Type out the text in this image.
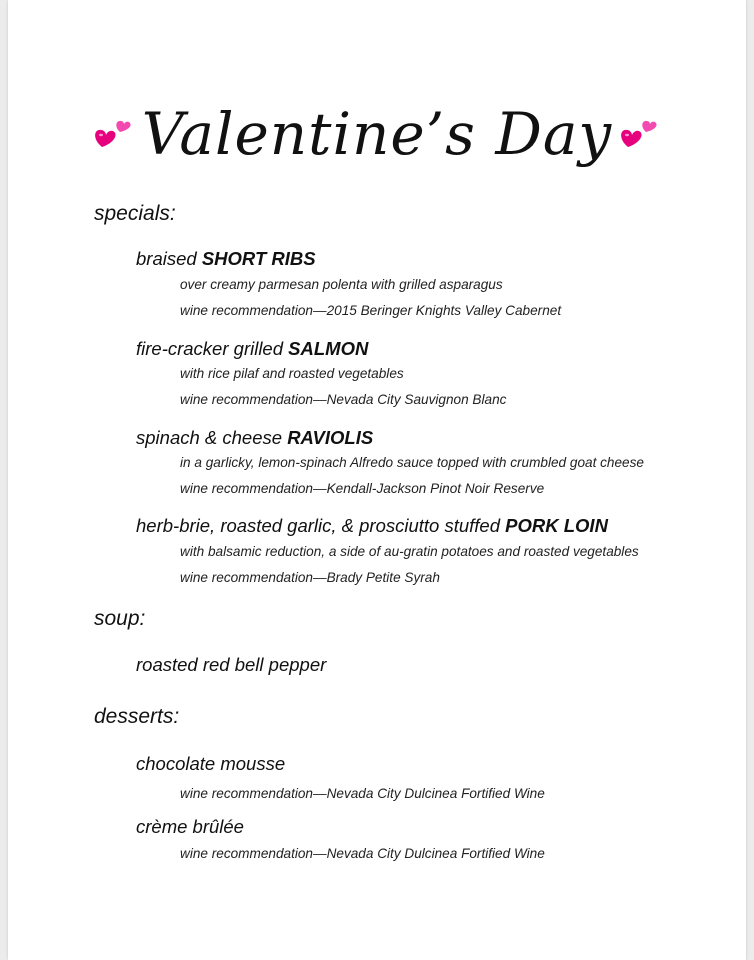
Valentine’s Day
specials:
braised SHORT RIBS
over creamy parmesan polenta with grilled asparagus
wine recommendation—2015 Beringer Knights Valley Cabernet
fire-cracker grilled SALMON
with rice pilaf and roasted vegetables
wine recommendation—Nevada City Sauvignon Blanc
spinach & cheese RAVIOLIS
in a garlicky, lemon-spinach Alfredo sauce topped with crumbled goat cheese
wine recommendation—Kendall-Jackson Pinot Noir Reserve
herb-brie, roasted garlic, & prosciutto stuffed PORK LOIN
with balsamic reduction, a side of au-gratin potatoes and roasted vegetables
wine recommendation—Brady Petite Syrah
soup:
roasted red bell pepper
desserts:
chocolate mousse
wine recommendation—Nevada City Dulcinea Fortified Wine
crème brûlée
wine recommendation—Nevada City Dulcinea Fortified Wine
